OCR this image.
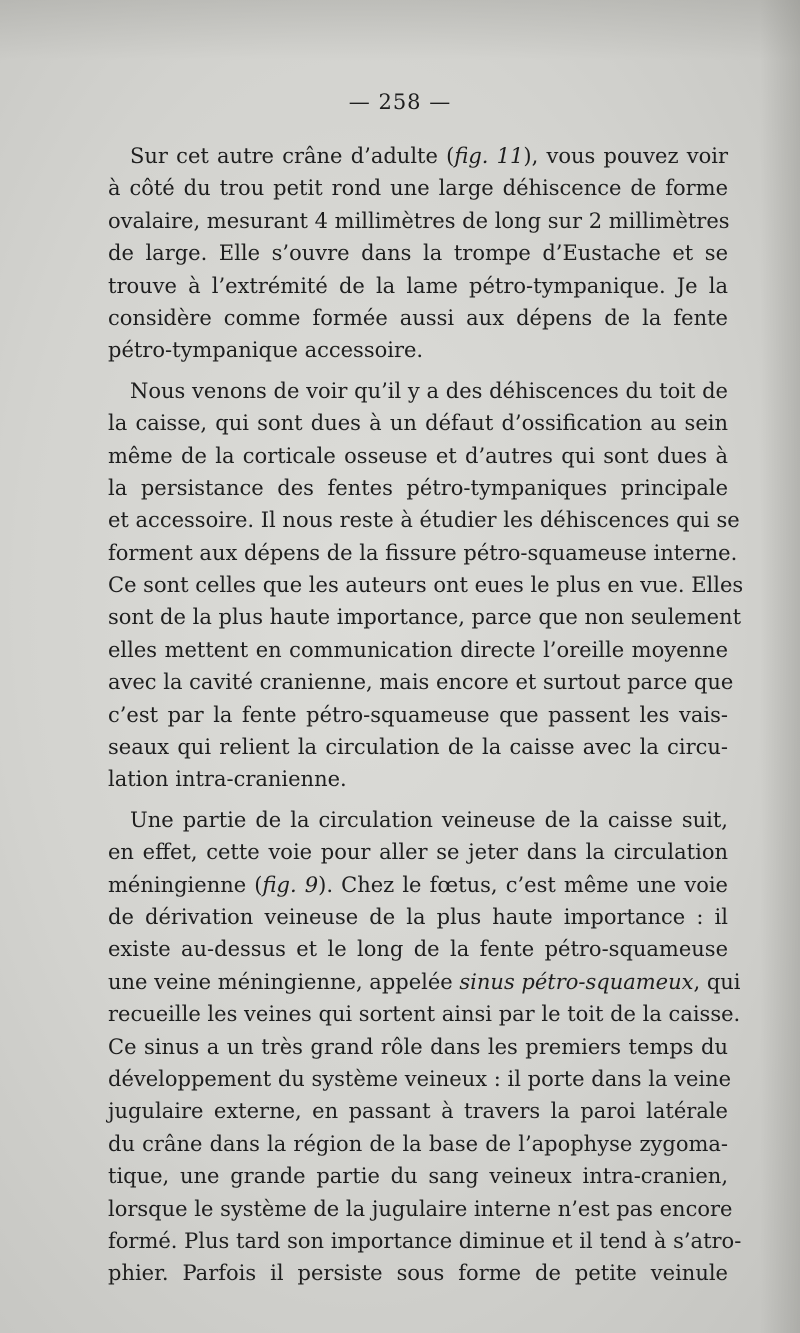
— 258 —
Sur cet autre crâne d’adulte (fig. 11), vous pouvez voir
à côté du trou petit rond une large déhiscence de forme
ovalaire, mesurant 4 millimètres de long sur 2 millimètres
de large. Elle s’ouvre dans la trompe d’Eustache et se
trouve à l’extrémité de la lame pétro-tympanique. Je la
considère comme formée aussi aux dépens de la fente
pétro-tympanique accessoire.
Nous venons de voir qu’il y a des déhiscences du toit de
la caisse, qui sont dues à un défaut d’ossification au sein
même de la corticale osseuse et d’autres qui sont dues à
la persistance des fentes pétro-tympaniques principale
et accessoire. Il nous reste à étudier les déhiscences qui se
forment aux dépens de la fissure pétro-squameuse interne.
Ce sont celles que les auteurs ont eues le plus en vue. Elles
sont de la plus haute importance, parce que non seulement
elles mettent en communication directe l’oreille moyenne
avec la cavité cranienne, mais encore et surtout parce que
c’est par la fente pétro-squameuse que passent les vais-
seaux qui relient la circulation de la caisse avec la circu-
lation intra-cranienne.
Une partie de la circulation veineuse de la caisse suit,
en effet, cette voie pour aller se jeter dans la circulation
méningienne (fig. 9). Chez le fœtus, c’est même une voie
de dérivation veineuse de la plus haute importance : il
existe au-dessus et le long de la fente pétro-squameuse
une veine méningienne, appelée sinus pétro-squameux, qui
recueille les veines qui sortent ainsi par le toit de la caisse.
Ce sinus a un très grand rôle dans les premiers temps du
développement du système veineux : il porte dans la veine
jugulaire externe, en passant à travers la paroi latérale
du crâne dans la région de la base de l’apophyse zygoma-
tique, une grande partie du sang veineux intra-cranien,
lorsque le système de la jugulaire interne n’est pas encore
formé. Plus tard son importance diminue et il tend à s’atro-
phier. Parfois il persiste sous forme de petite veinule
